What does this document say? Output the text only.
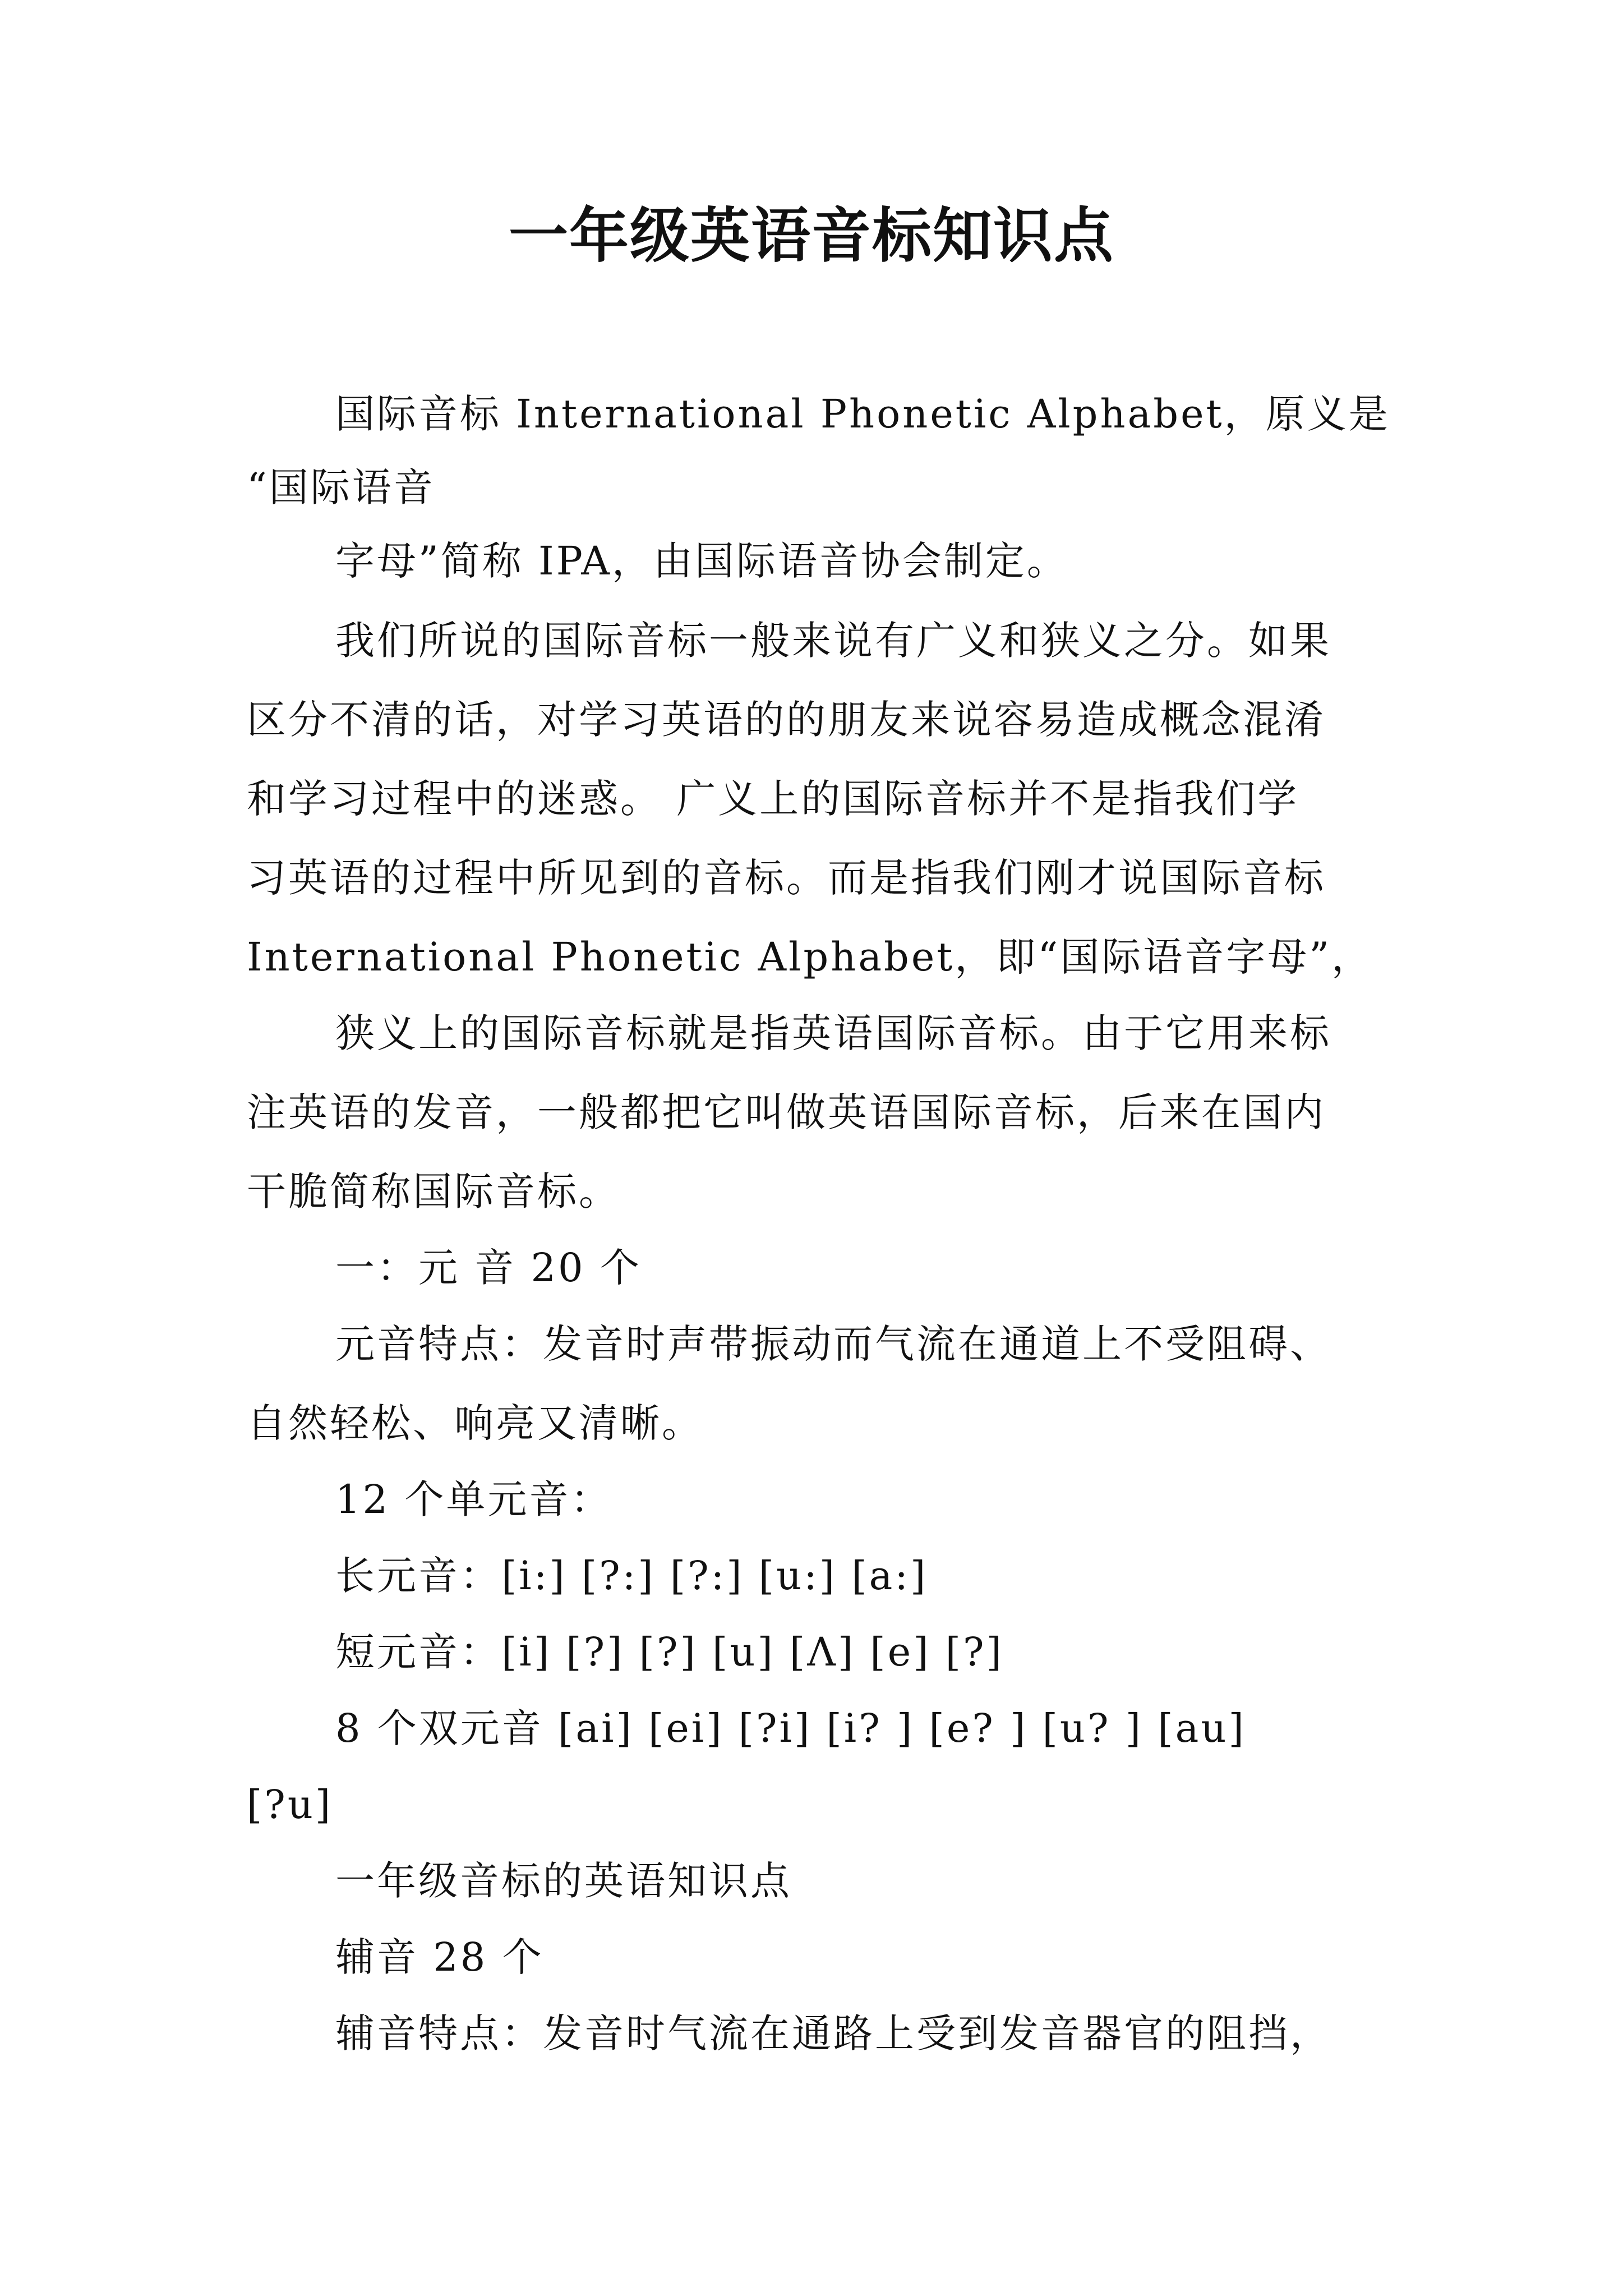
一年级英语音标知识点
国际音标 International Phonetic Alphabet，原义是
“国际语音
字母”简称 IPA，由国际语音协会制定。
我们所说的国际音标一般来说有广义和狭义之分。如果
区分不清的话，对学习英语的的朋友来说容易造成概念混淆
和学习过程中的迷惑。 广义上的国际音标并不是指我们学
习英语的过程中所见到的音标。而是指我们刚才说国际音标
International Phonetic Alphabet，即“国际语音字母”，
狭义上的国际音标就是指英语国际音标。由于它用来标
注英语的发音，一般都把它叫做英语国际音标，后来在国内
干脆简称国际音标。
一：元 音 20 个
元音特点：发音时声带振动而气流在通道上不受阻碍、
自然轻松、响亮又清晰。
12 个单元音：
长元音：[i:] [?:] [?:] [u:] [a:]
短元音：[i] [?] [?] [u] [Λ] [e] [?]
8 个双元音 [ai] [ei] [?i] [i? ] [e? ] [u? ] [au]
[?u]
一年级音标的英语知识点
辅音 28 个
辅音特点：发音时气流在通路上受到发音器官的阻挡，
